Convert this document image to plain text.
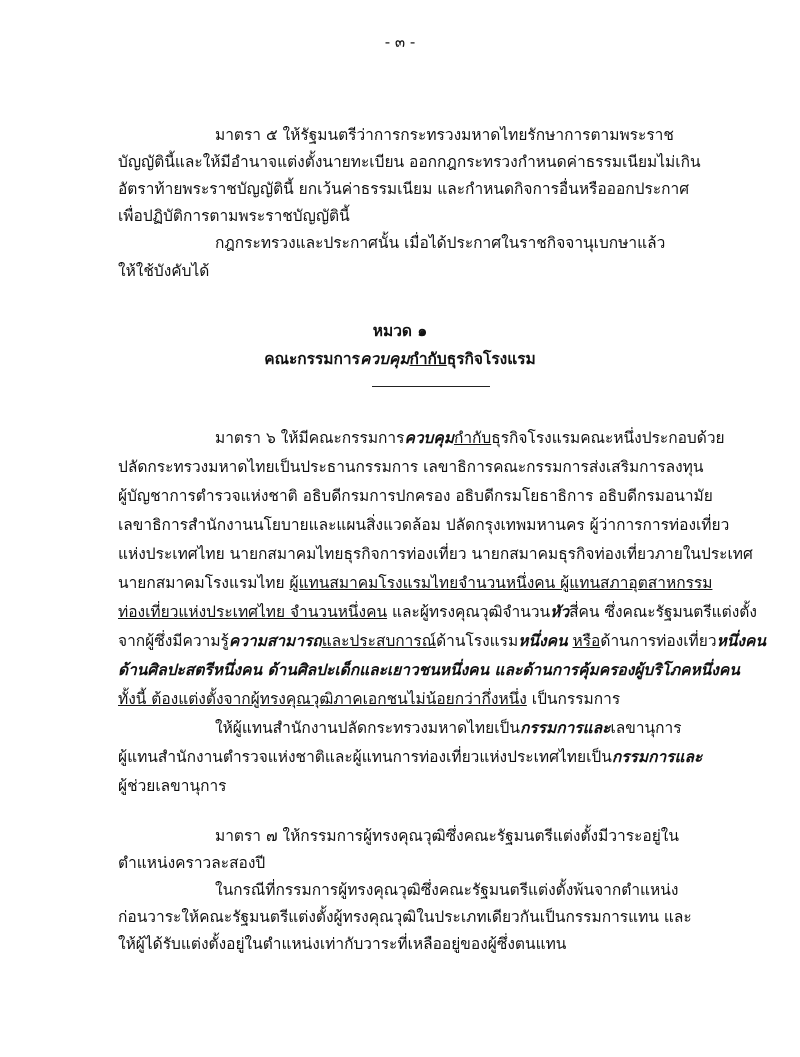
- ๓ -
มาตรา ๕ ให้รัฐมนตรีว่าการกระทรวงมหาดไทยรักษาการตามพระราช
บัญญัตินี้และให้มีอำนาจแต่งตั้งนายทะเบียน ออกกฎกระทรวงกำหนดค่าธรรมเนียมไม่เกิน
อัตราท้ายพระราชบัญญัตินี้ ยกเว้นค่าธรรมเนียม และกำหนดกิจการอื่นหรือออกประกาศ
เพื่อปฏิบัติการตามพระราชบัญญัตินี้
กฎกระทรวงและประกาศนั้น เมื่อได้ประกาศในราชกิจจานุเบกษาแล้ว
ให้ใช้บังคับได้
หมวด ๑
คณะกรรมการควบคุมกำกับธุรกิจโรงแรม
มาตรา ๖ ให้มีคณะกรรมการควบคุมกำกับธุรกิจโรงแรมคณะหนึ่งประกอบด้วย
ปลัดกระทรวงมหาดไทยเป็นประธานกรรมการ เลขาธิการคณะกรรมการส่งเสริมการลงทุน
ผู้บัญชาการตำรวจแห่งชาติ อธิบดีกรมการปกครอง อธิบดีกรมโยธาธิการ อธิบดีกรมอนามัย
เลขาธิการสำนักงานนโยบายและแผนสิ่งแวดล้อม ปลัดกรุงเทพมหานคร ผู้ว่าการการท่องเที่ยว
แห่งประเทศไทย นายกสมาคมไทยธุรกิจการท่องเที่ยว นายกสมาคมธุรกิจท่องเที่ยวภายในประเทศ
นายกสมาคมโรงแรมไทย ผู้แทนสมาคมโรงแรมไทยจำนวนหนึ่งคน ผู้แทนสภาอุตสาหกรรม
ท่องเที่ยวแห่งประเทศไทย จำนวนหนึ่งคน และผู้ทรงคุณวุฒิจำนวนหัวสี่คน ซึ่งคณะรัฐมนตรีแต่งตั้ง
จากผู้ซึ่งมีความรู้ความสามารถและประสบการณ์ด้านโรงแรมหนึ่งคน หรือด้านการท่องเที่ยวหนึ่งคน
ด้านศิลปะสตรีหนึ่งคน ด้านศิลปะเด็กและเยาวชนหนึ่งคน และด้านการคุ้มครองผู้บริโภคหนึ่งคน
ทั้งนี้ ต้องแต่งตั้งจากผู้ทรงคุณวุฒิภาคเอกชนไม่น้อยกว่ากึ่งหนึ่ง เป็นกรรมการ
ให้ผู้แทนสำนักงานปลัดกระทรวงมหาดไทยเป็นกรรมการและเลขานุการ
ผู้แทนสำนักงานตำรวจแห่งชาติและผู้แทนการท่องเที่ยวแห่งประเทศไทยเป็นกรรมการและ
ผู้ช่วยเลขานุการ
มาตรา ๗ ให้กรรมการผู้ทรงคุณวุฒิซึ่งคณะรัฐมนตรีแต่งตั้งมีวาระอยู่ใน
ตำแหน่งคราวละสองปี
ในกรณีที่กรรมการผู้ทรงคุณวุฒิซึ่งคณะรัฐมนตรีแต่งตั้งพ้นจากตำแหน่ง
ก่อนวาระให้คณะรัฐมนตรีแต่งตั้งผู้ทรงคุณวุฒิในประเภทเดียวกันเป็นกรรมการแทน และ
ให้ผู้ได้รับแต่งตั้งอยู่ในตำแหน่งเท่ากับวาระที่เหลืออยู่ของผู้ซึ่งตนแทน
